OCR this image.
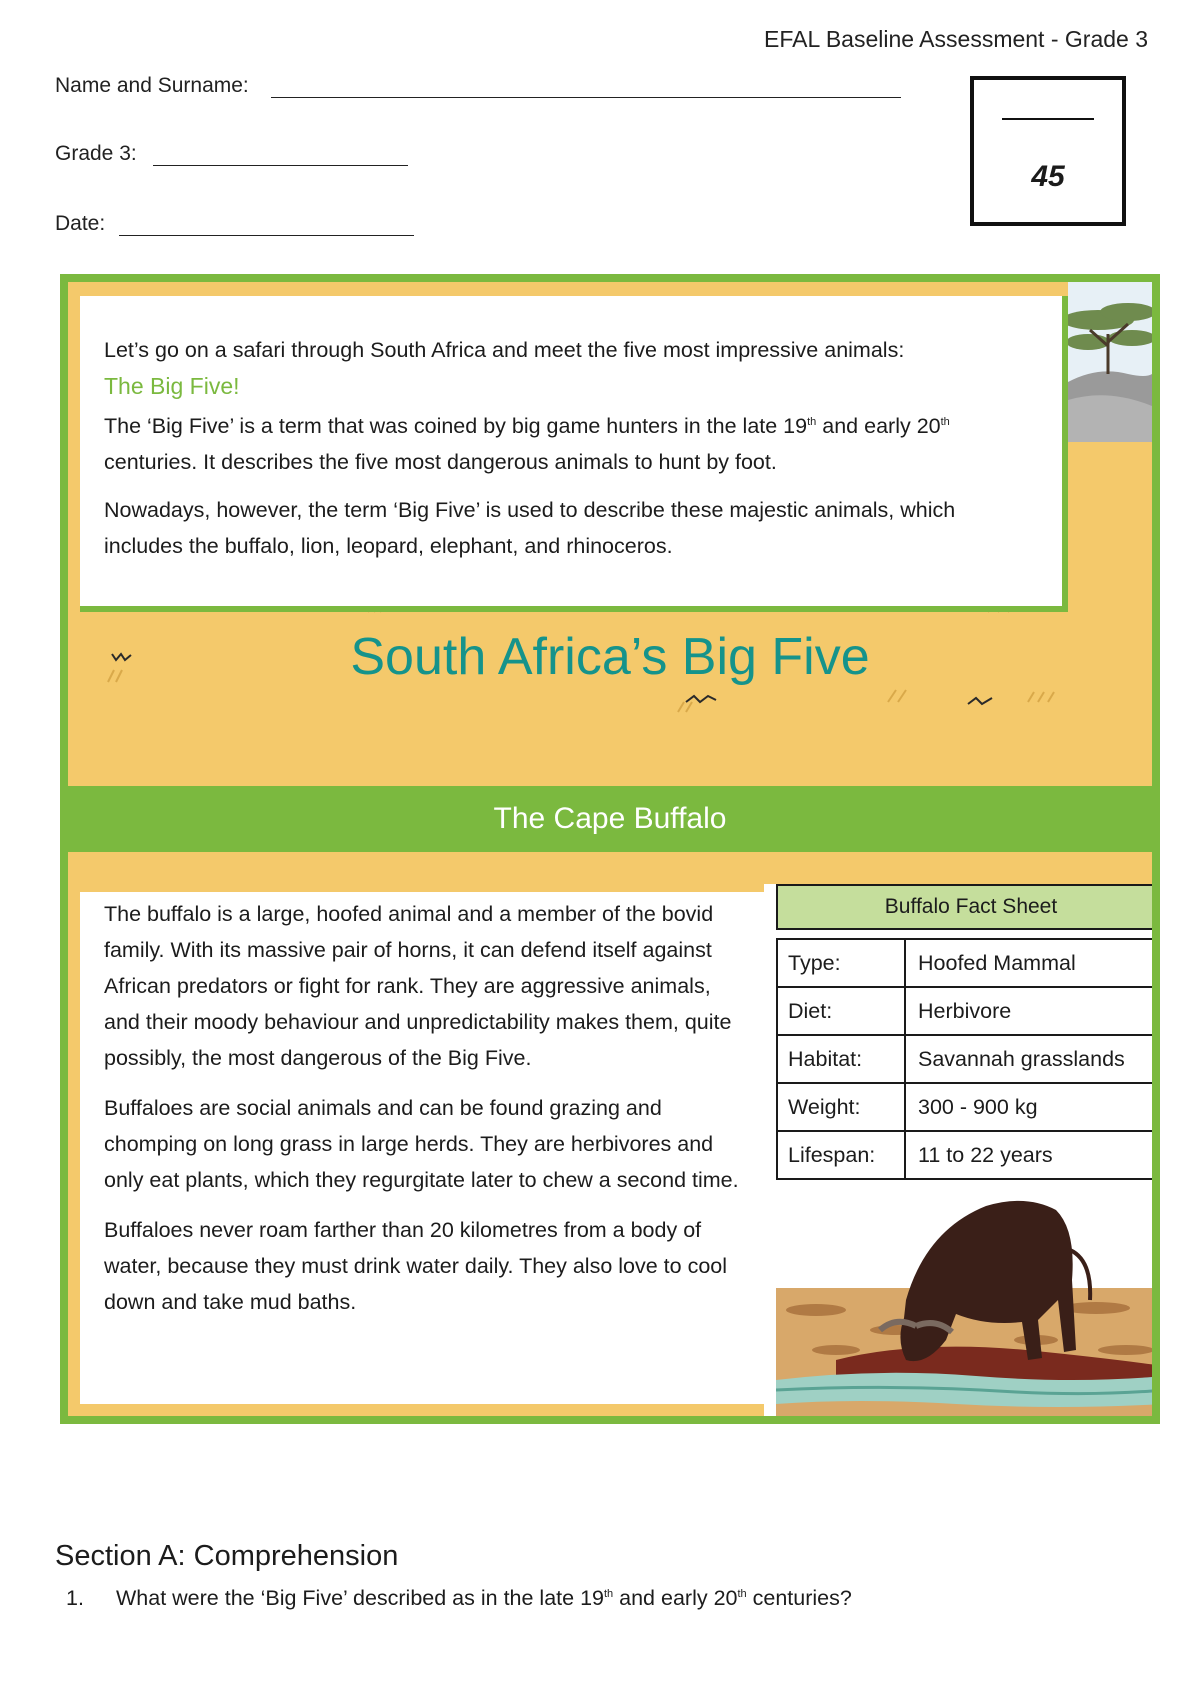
EFAL Baseline Assessment - Grade 3
Name and Surname:
Grade 3:
Date:
45

Let’s go on a safari through South Africa and meet the five most impressive animals:
The Big Five!

The ‘Big Five’ is a term that was coined by big game hunters in the late 19th and early 20th centuries. It describes the five most dangerous animals to hunt by foot.

Nowadays, however, the term ‘Big Five’ is used to describe these majestic animals, which includes the buffalo, lion, leopard, elephant, and rhinoceros.

South Africa’s Big Five
The Cape Buffalo

The buffalo is a large, hoofed animal and a member of the bovid family. With its massive pair of horns, it can defend itself against African predators or fight for rank. They are aggressive animals, and their moody behaviour and unpredictability makes them, quite possibly, the most dangerous of the Big Five.

Buffaloes are social animals and can be found grazing and chomping on long grass in large herds. They are herbivores and only eat plants, which they regurgitate later to chew a second time.

Buffaloes never roam farther than 20 kilometres from a body of water, because they must drink water daily. They also love to cool down and take mud baths.

Buffalo Fact Sheet	

Type:	Hoofed Mammal
Diet:	Herbivore
Habitat:	Savannah grasslands
Weight:	300 - 900 kg
Lifespan:	11 to 22 years
Section A: Comprehension
1. What were the ‘Big Five’ described as in the late 19th and early 20th centuries?
